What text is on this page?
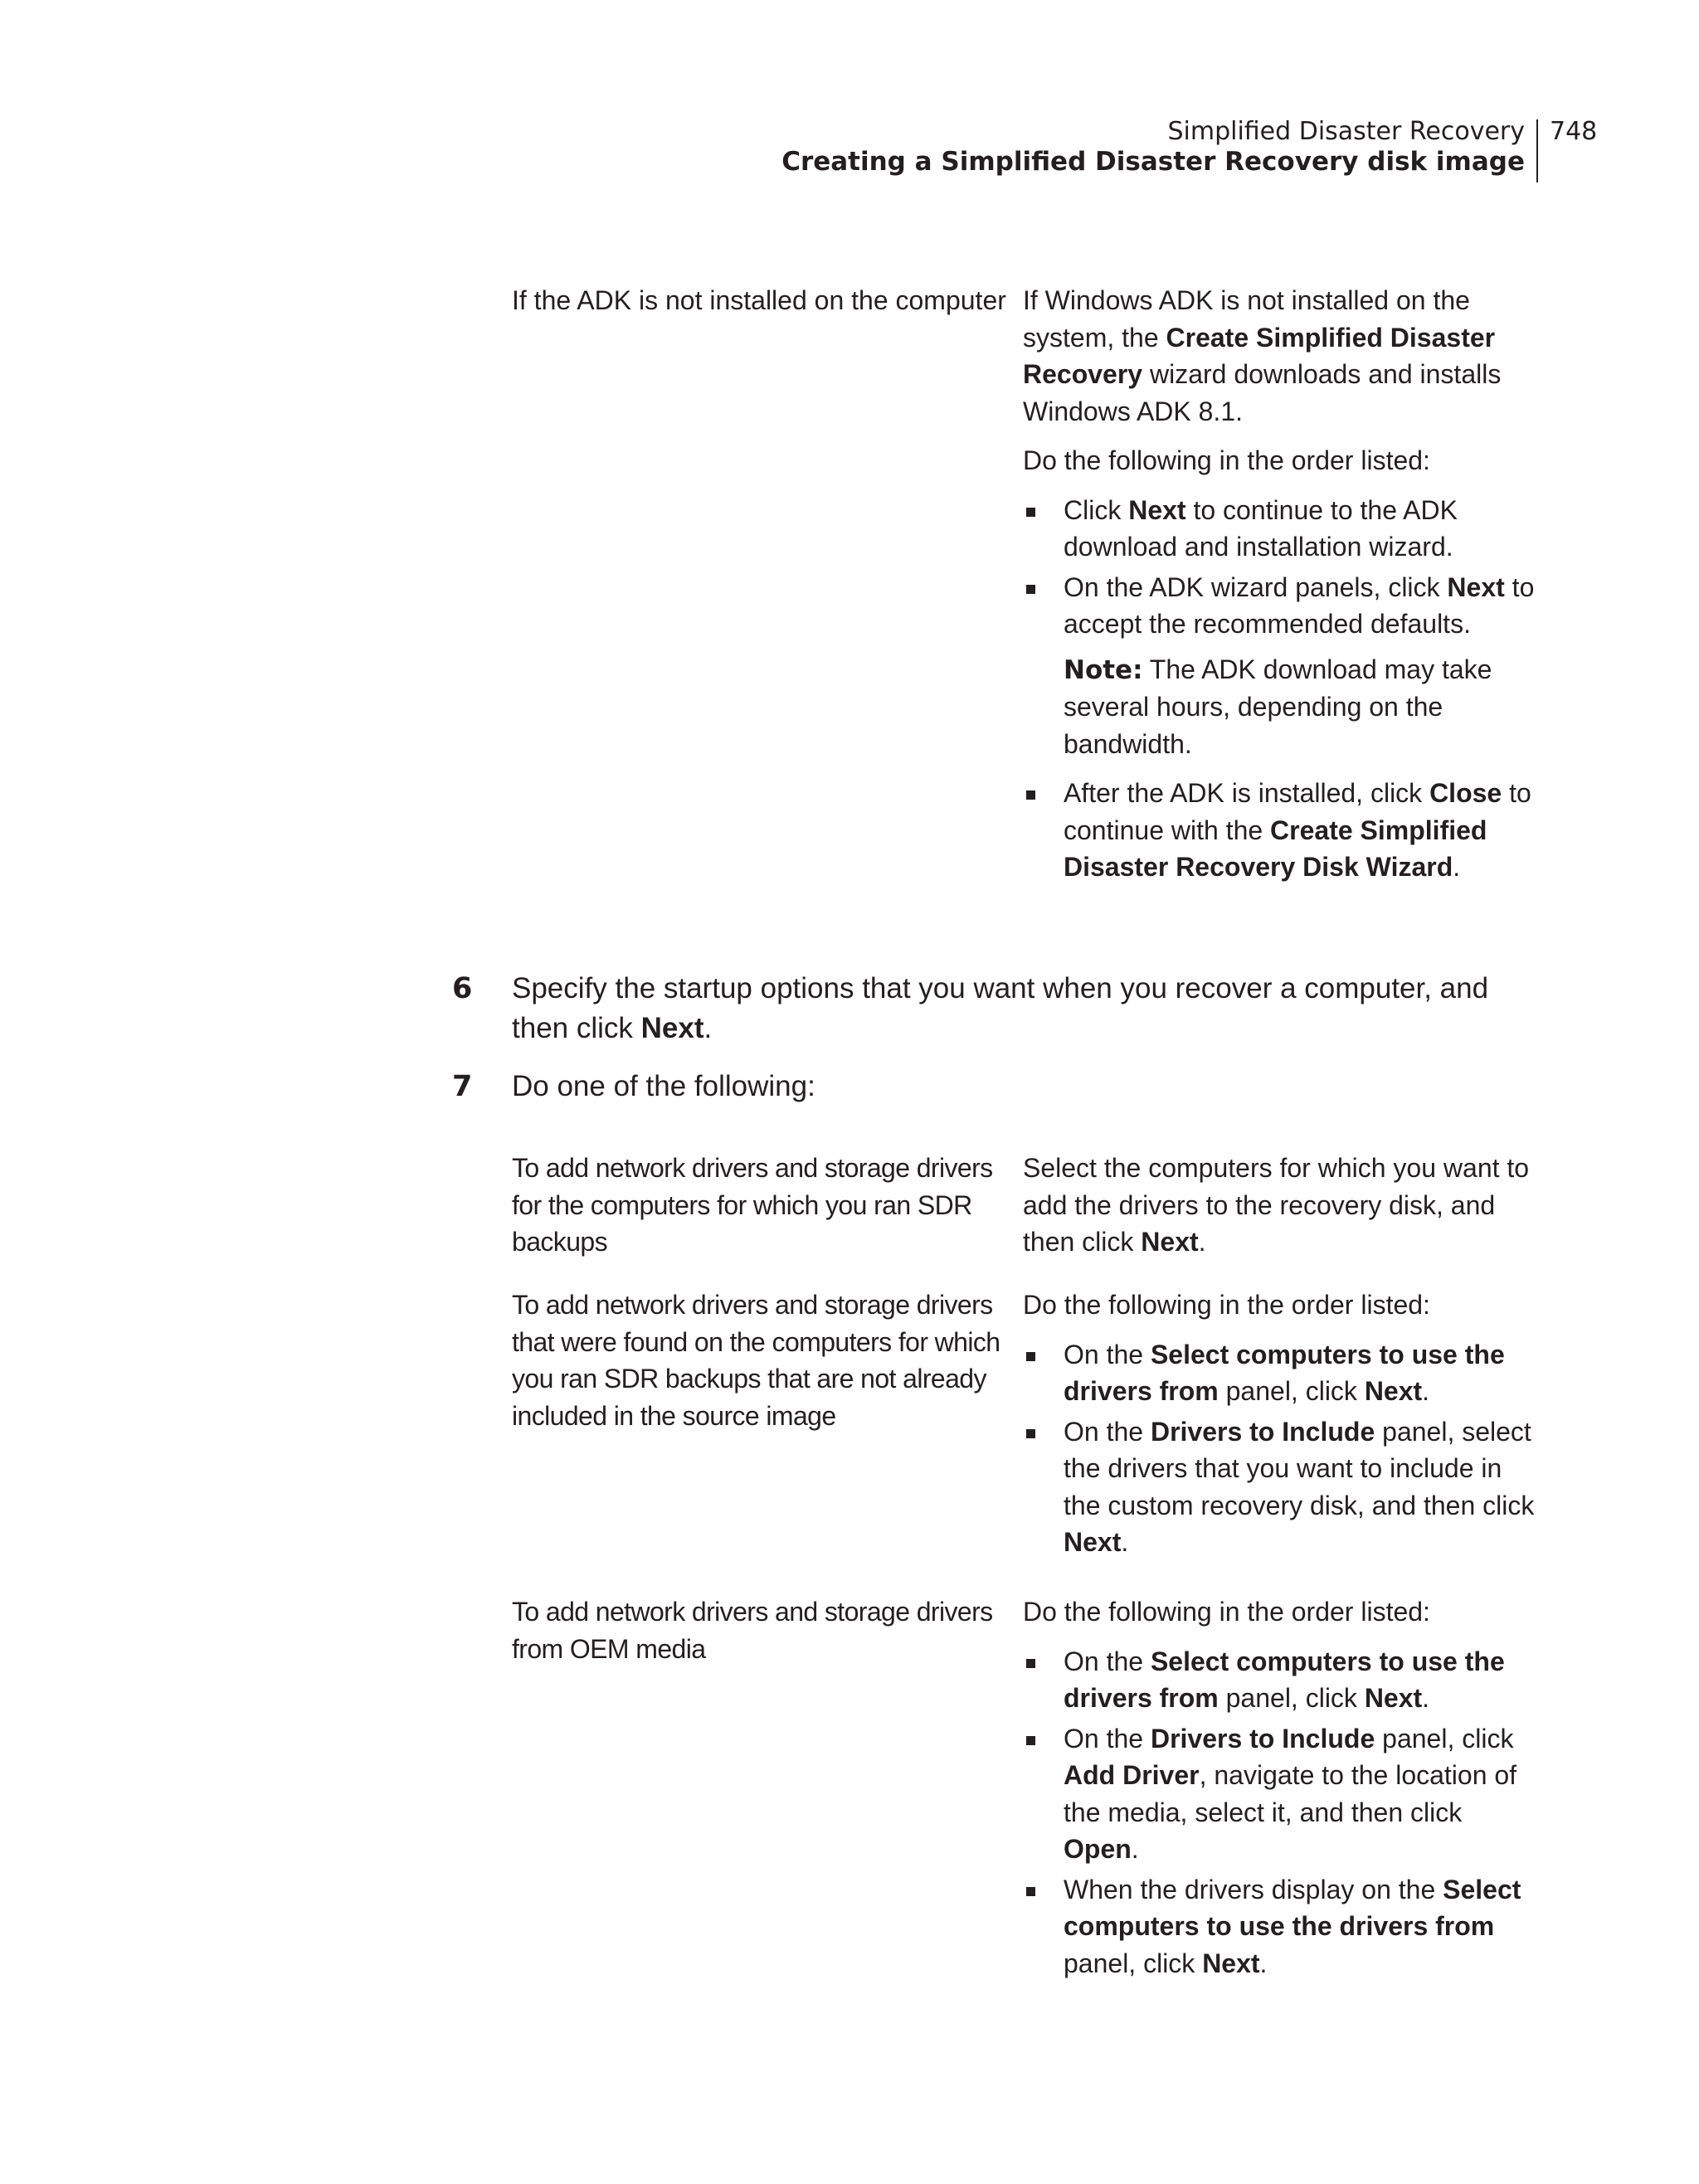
Simplified Disaster Recovery
Creating a Simplified Disaster Recovery disk image
748
If the ADK is not installed on the computer If Windows ADK is not installed on the system, the Create Simplified Disaster Recovery wizard downloads and installs Windows ADK 8.1.

Do the following in the order listed:

Click Next to continue to the ADK download and installation wizard.
On the ADK wizard panels, click Next to accept the recommended defaults.

Note: The ADK download may take several hours, depending on the bandwidth.

After the ADK is installed, click Close to continue with the Create Simplified Disaster Recovery Disk Wizard.
6	Specify the startup options that you want when you recover a computer, and then click Next.
7	Do one of the following:
To add network drivers and storage drivers for the computers for which you ran SDR backups
Select the computers for which you want to add the drivers to the recovery disk, and then click Next.
To add network drivers and storage drivers that were found on the computers for which you ran SDR backups that are not already included in the source image

Do the following in the order listed:

On the Select computers to use the drivers from panel, click Next.
On the Drivers to Include panel, select the drivers that you want to include in the custom recovery disk, and then click Next.
To add network drivers and storage drivers from OEM media

Do the following in the order listed:

On the Select computers to use the drivers from panel, click Next.
On the Drivers to Include panel, click Add Driver, navigate to the location of the media, select it, and then click Open.
When the drivers display on the Select computers to use the drivers from panel, click Next.
